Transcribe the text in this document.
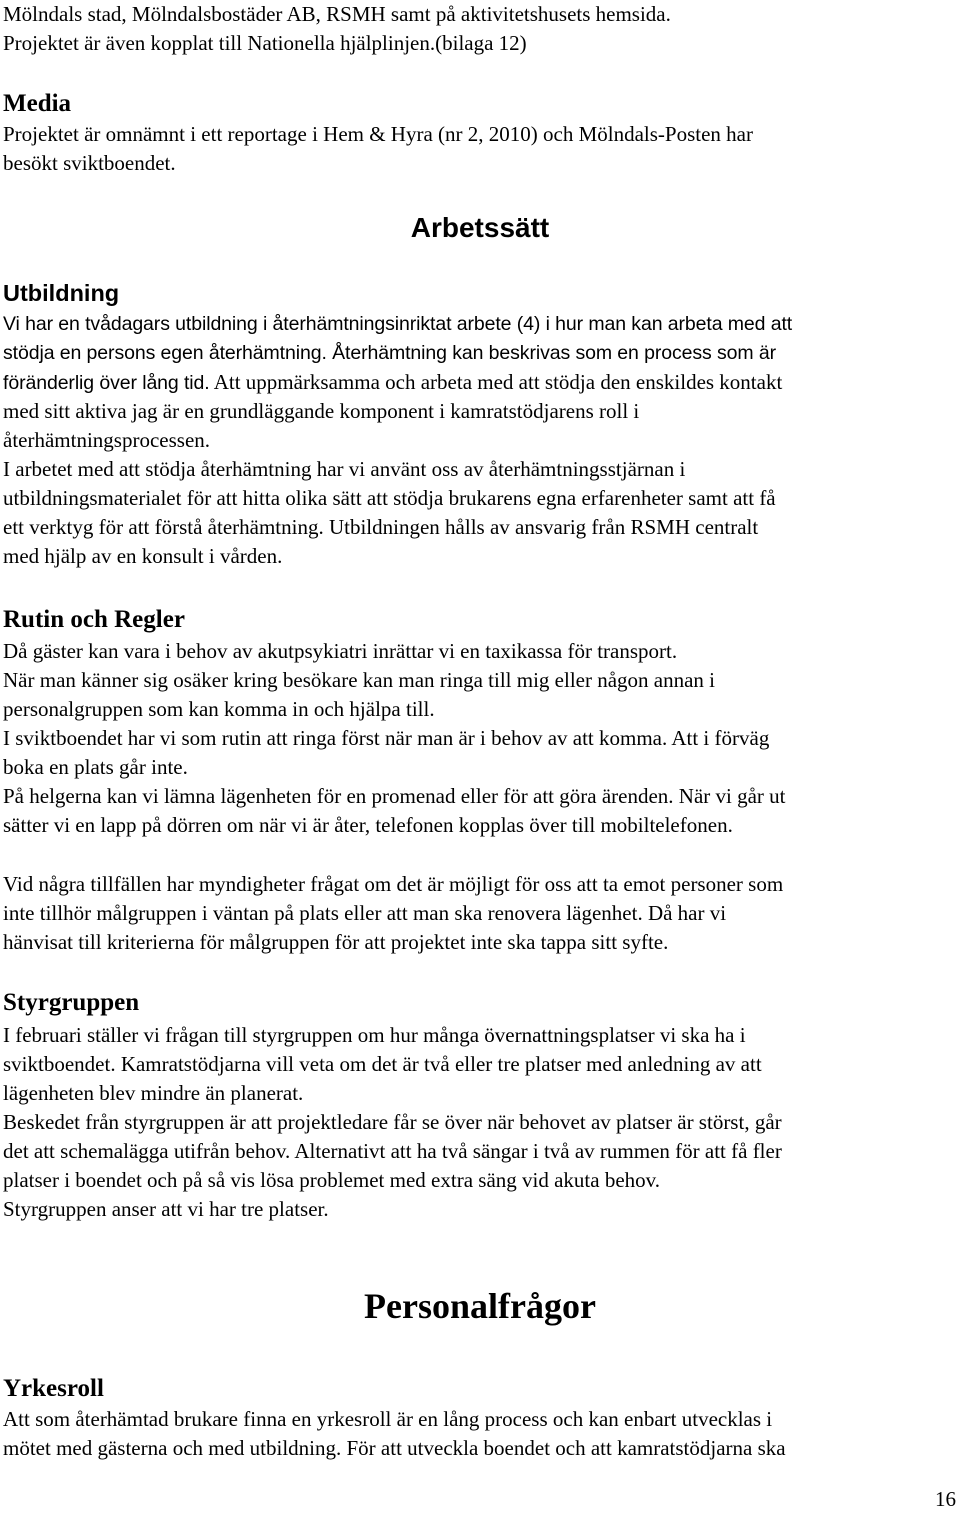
Mölndals stad, Mölndalsbostäder AB, RSMH samt på aktivitetshusets hemsida.
Projektet är även kopplat till Nationella hjälplinjen.(bilaga 12)

Media

Projektet är omnämnt i ett reportage i Hem & Hyra (nr 2, 2010) och Mölndals-Posten har
besökt sviktboendet.

Arbetssätt
Utbildning

Vi har en tvådagars utbildning i återhämtningsinriktat arbete (4) i hur man kan arbeta med att
stödja en persons egen återhämtning. Återhämtning kan beskrivas som en process som är

föränderlig över lång tid. Att uppmärksamma och arbeta med att stödja den enskildes kontakt

med sitt aktiva jag är en grundläggande komponent i kamratstödjarens roll i
återhämtningsprocessen.
I arbetet med att stödja återhämtning har vi använt oss av återhämtningsstjärnan i
utbildningsmaterialet för att hitta olika sätt att stödja brukarens egna erfarenheter samt att få
ett verktyg för att förstå återhämtning. Utbildningen hålls av ansvarig från RSMH centralt
med hjälp av en konsult i vården.

Rutin och Regler

Då gäster kan vara i behov av akutpsykiatri inrättar vi en taxikassa för transport.
När man känner sig osäker kring besökare kan man ringa till mig eller någon annan i
personalgruppen som kan komma in och hjälpa till.
I sviktboendet har vi som rutin att ringa först när man är i behov av att komma. Att i förväg
boka en plats går inte.
På helgerna kan vi lämna lägenheten för en promenad eller för att göra ärenden. När vi går ut
sätter vi en lapp på dörren om när vi är åter, telefonen kopplas över till mobiltelefonen.

Vid några tillfällen har myndigheter frågat om det är möjligt för oss att ta emot personer som
inte tillhör målgruppen i väntan på plats eller att man ska renovera lägenhet. Då har vi
hänvisat till kriterierna för målgruppen för att projektet inte ska tappa sitt syfte.

Styrgruppen

I februari ställer vi frågan till styrgruppen om hur många övernattningsplatser vi ska ha i
sviktboendet. Kamratstödjarna vill veta om det är två eller tre platser med anledning av att
lägenheten blev mindre än planerat.
Beskedet från styrgruppen är att projektledare får se över när behovet av platser är störst, går
det att schemalägga utifrån behov. Alternativt att ha två sängar i två av rummen för att få fler
platser i boendet och på så vis lösa problemet med extra säng vid akuta behov.
Styrgruppen anser att vi har tre platser.

Personalfrågor
Yrkesroll

Att som återhämtad brukare finna en yrkesroll är en lång process och kan enbart utvecklas i
mötet med gästerna och med utbildning. För att utveckla boendet och att kamratstödjarna ska

16
